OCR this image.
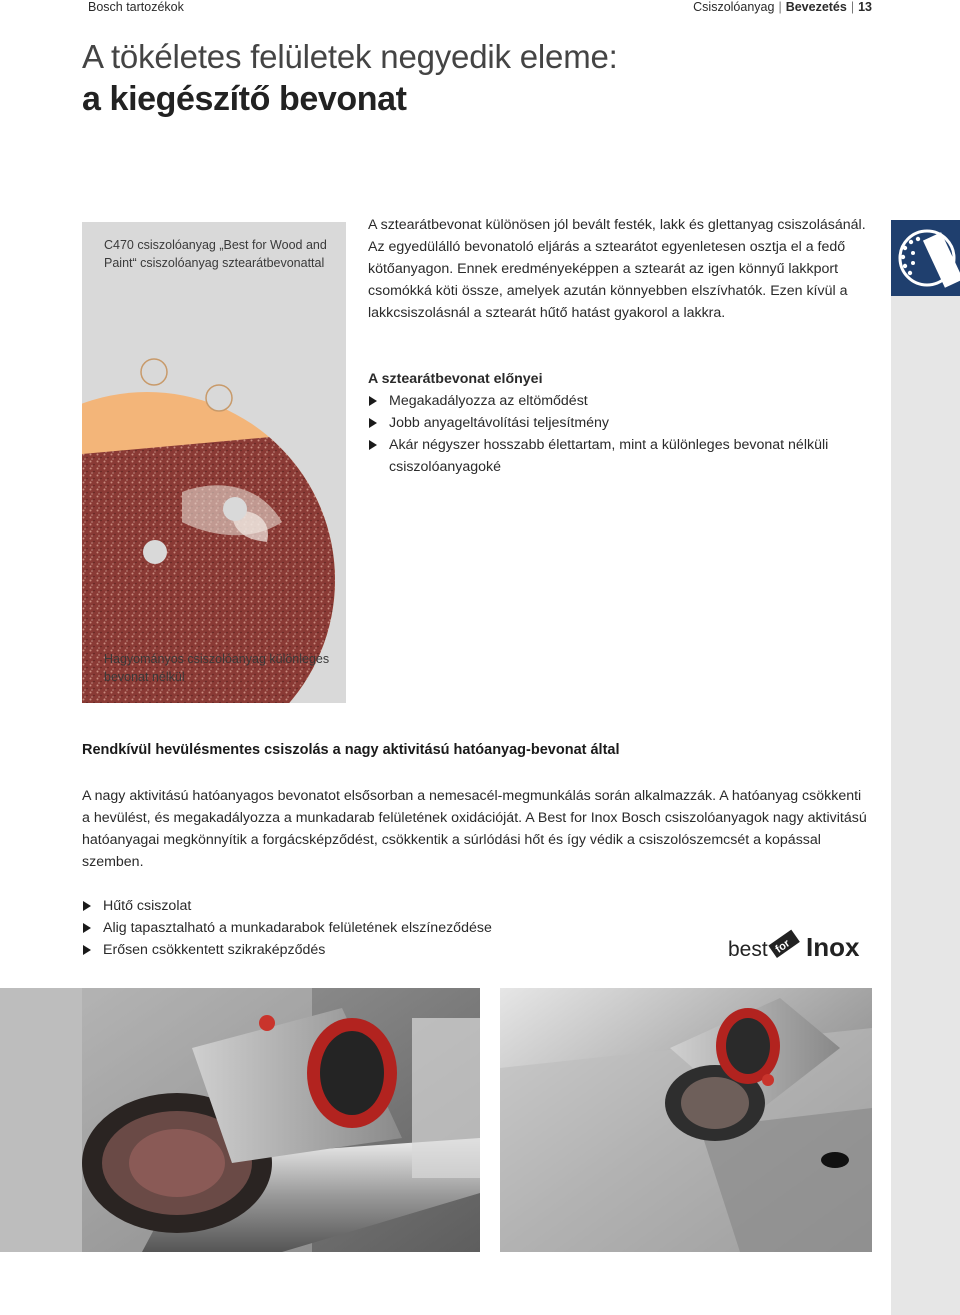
Bosch tartozékok	Csiszolóanyag | Bevezetés | 13
A tökéletes felületek negyedik eleme:
a kiegészítő bevonat
C470 csiszolóanyag „Best for Wood and Paint“ csiszolóanyag sztearátbevonattal
Hagyományos csiszolóanyag különleges bevonat nélkül

A sztearátbevonat különösen jól bevált festék, lakk és glettanyag csiszolásánál. Az egyedülálló bevonatoló eljárás a sztearátot egyenletesen osztja el a fedő kötőanyagon. Ennek eredményeképpen a sztearát az igen könnyű lakkport csomókká köti össze, amelyek azután könnyebben elszívhatók. Ezen kívül a lakkcsiszolásnál a sztearát hűtő hatást gyakorol a lakkra.

A sztearátbevonat előnyei
Megakadályozza az eltömődést
Jobb anyageltávolítási teljesítmény
Akár négyszer hosszabb élettartam, mint a különleges bevonat nélküli csiszolóanyagoké
Rendkívül hevülésmentes csiszolás a nagy aktivitású hatóanyag-bevonat által

A nagy aktivitású hatóanyagos bevonatot elsősorban a nemesacél-megmunkálás során alkalmazzák. A hatóanyag csökkenti a hevülést, és megakadályozza a munkadarab felületének oxidációját. A Best for Inox Bosch csiszolóanyagok nagy aktivitású hatóanyagai megkönnyítik a forgácsképződést, csökkentik a súrlódási hőt és így védik a csiszolószemcsét a kopással szemben.

Hűtő csiszolat
Alig tapasztalható a munkadarabok felületének elszíneződése
Erősen csökkentett szikraképződés	best for Inox
